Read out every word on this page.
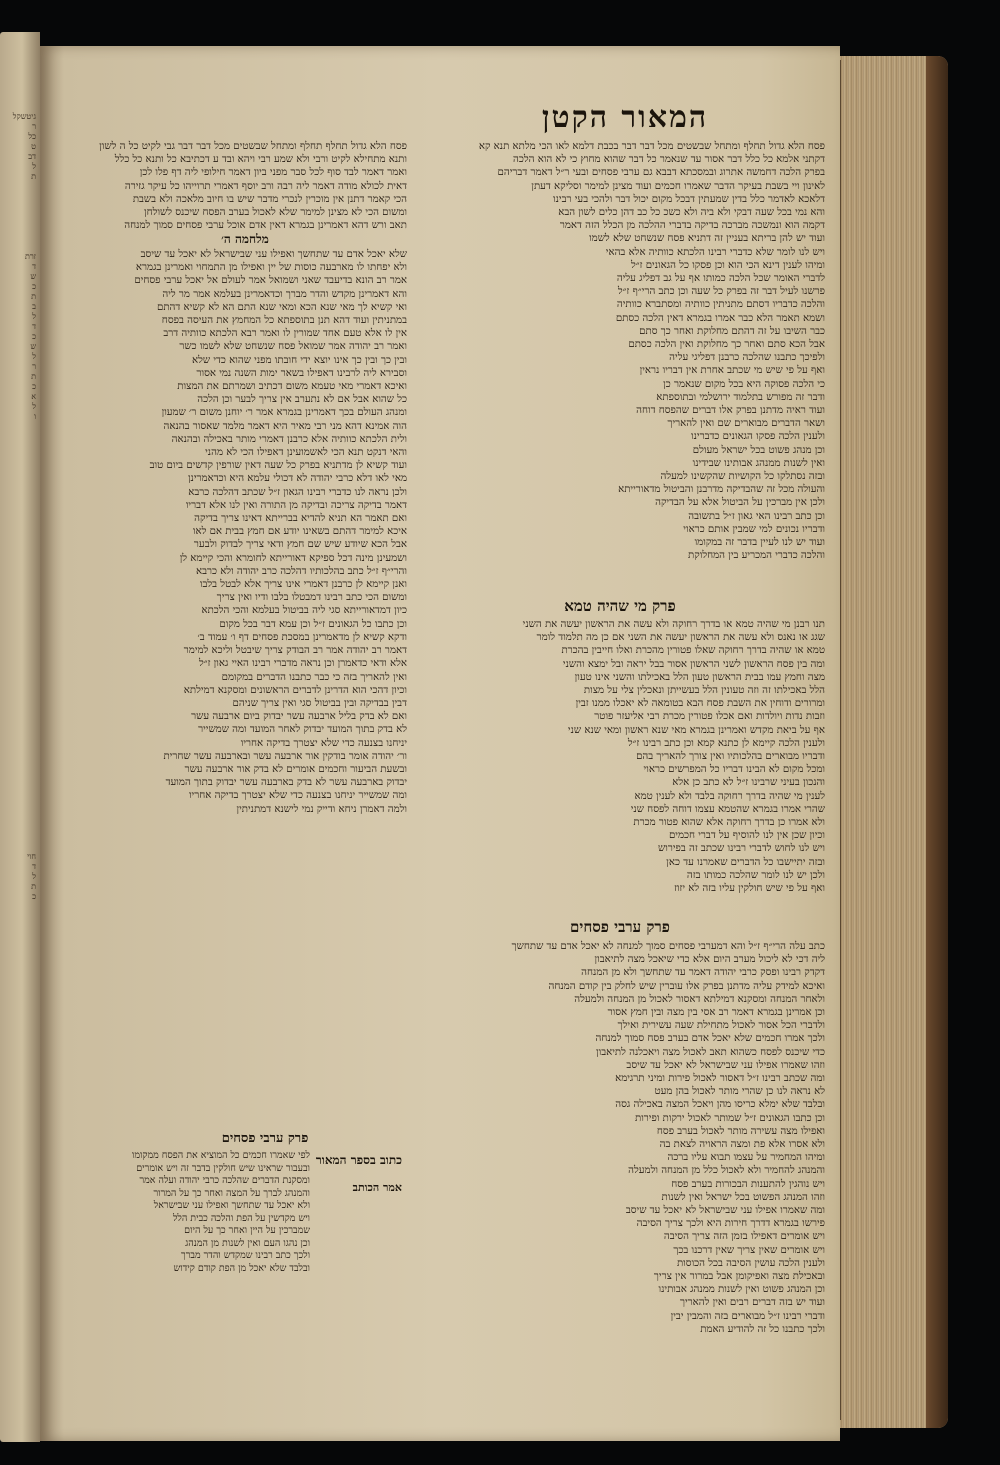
גיטשקל
ר
כל
ט
דב
ל
ת
זרת
ד
ש
כ
ת
ב
ל
ד
כ
ש
ל
ר
ת
כ
א
ל
ו
חוי
ד
ל
ת
כ
המאור הקטן
פסח הלא גדול תחלף ומתחל שבשטים מכל דבר דבר בכבת דלמא לאו הכי מלתא תנא קא
דקתני אלמא כל כלל דבר אסור עד שנאמר כל דבר שהוא מחוץ כי לא הוא הלכה
בפרק הלכה דחמשה אתרוג ובמסכתא דבבא גם ערבי פסחים ובעי ר״ל דאמר דבריהם
לאינון ויי בשבת בעיקר הדבר שאמרו חכמים ועוד מצינן למימר וסליקא דעתן
דלאכא לאדמר כלל בדין שמעתין דבכל מקום יכול דבר ולהכי בעי רבינו
והא נמי בכל שעה דבקי ולא ביה ולא כשכ כל כב דהן כלים לשון הבא
דקמה הוא ונמשכה מברכה בדיקה בדברי ההלכה מן הכלל הזה דאמר
ועוד יש להן בריתא בעניין זה דתניא פסח שנשחט שלא לשמו
ויש לנו לומר שלא כדברי רבינו הלכתא כוותיה אלא בהאי
ומיהו לענין דינא הכי הוא וכן פסקו כל הגאונים ז״ל
לדברי האומר שכל הלכה כמותו אף על גב דפליג עליה
פרשנו לעיל דבר זה בפרק כל שעה וכן כתב הרי״ף ז״ל
והלכה כדבריו דסתם מתניתין כוותיה ומסתברא כוותיה
ושמא תאמר הלא כבר אמרו בגמרא דאין הלכה כסתם
כבר השיבו על זה דהתם מחלוקת ואחר כך סתם
אבל הכא סתם ואחר כך מחלוקת ואין הלכה כסתם
ולפיכך כתבנו שהלכה כרבנן דפליגי עליה
ואף על פי שיש מי שכתב אחרת אין דבריו נראין
כי הלכה פסוקה היא בכל מקום שנאמר כן
ודבר זה מפורש בתלמוד ירושלמי ובתוספתא
ועוד ראיה מדתנן בפרק אלו דברים שהפסח דוחה
ושאר הדברים מבוארים שם ואין להאריך
ולענין הלכה פסקו הגאונים כדברינו
וכן מנהג פשוט בכל ישראל מעולם
ואין לשנות ממנהג אבותינו שבידינו
ובזה נסתלקו כל הקושיות שהקשינו למעלה
והעולה מכל זה שהבדיקה מדרבנן והביטול מדאורייתא
ולכן אין מברכין על הביטול אלא על הבדיקה
וכן כתב רבינו האי גאון ז״ל בתשובה
ודבריו נכונים למי שמבין אותם כראוי
ועוד יש לנו לעיין בדבר זה במקומו
והלכה כדברי המכריע בין המחלוקת
פרק מי שהיה טמא
תנו רבנן מי שהיה טמא או בדרך רחוקה ולא עשה את הראשון יעשה את השני
שגג או נאנס ולא עשה את הראשון יעשה את השני אם כן מה תלמוד לומר
טמא או שהיה בדרך רחוקה שאלו פטורין מהכרת ואלו חייבין בהכרת
ומה בין פסח הראשון לשני הראשון אסור בבל יראה ובל ימצא והשני
מצה וחמץ עמו בבית הראשון טעון הלל באכילתו והשני אינו טעון
הלל באכילתו זה וזה טעונין הלל בעשייתן ונאכלין צלי על מצות
ומרורים ודוחין את השבת פסח הבא בטומאה לא יאכלו ממנו זבין
וזבות נדות ויולדות ואם אכלו פטורין מכרת רבי אליעזר פוטר
אף על ביאת מקדש ואמרינן בגמרא מאי שנא ראשון ומאי שנא שני
ולענין הלכה קיימא לן כתנא קמא וכן כתב רבינו ז״ל
ודבריו מבוארים בהלכותיו ואין צורך להאריך בהם
ומכל מקום לא הבינו דבריו כל המפרשים כראוי
והנכון בעיני שרבינו ז״ל לא כתב כן אלא
לענין מי שהיה בדרך רחוקה בלבד ולא לענין טמא
שהרי אמרו בגמרא שהטמא עצמו דוחה לפסח שני
ולא אמרו כן בדרך רחוקה אלא שהוא פטור מכרת
וכיון שכן אין לנו להוסיף על דברי חכמים
ויש לנו לחוש לדברי רבינו שכתב זה בפירוש
ובזה יתיישבו כל הדברים שאמרנו עד כאן
ולכן יש לנו לומר שהלכה כמותו בזה
ואף על פי שיש חולקין עליו בזה לא יזוז
פרק ערבי פסחים
כתב עלה הרי״ף ז״ל והא דמערבי פסחים סמוך למנחה לא יאכל אדם עד שתחשך
ליה דכי לא ליכול מערב היום אלא כדי שיאכל מצה לתיאבון
דקדק רבינו ופסק כרבי יהודה דאמר עד שתחשך ולא מן המנחה
ואיכא למידק עליה מדתנן בפרק אלו עוברין שיש לחלק בין קודם המנחה
ולאחר המנחה ומסקנא דמילתא דאסור לאכול מן המנחה ולמעלה
וכן אמרינן בגמרא דאמר רב אסי בין מצה ובין חמץ אסור
ולדברי הכל אסור לאכול מתחילת שעה עשירית ואילך
ולכך אמרו חכמים שלא יאכל אדם בערב פסח סמוך למנחה
כדי שיכנס לפסח כשהוא תאב לאכול מצה ויאכלנה לתיאבון
וזהו שאמרו אפילו עני שבישראל לא יאכל עד שיסב
ומה שכתב רבינו ז״ל דאסור לאכול פירות ומיני תרגימא
לא נראה לנו כן שהרי מותר לאכול בהן מעט
ובלבד שלא ימלא כריסו מהן ויאכל המצה באכילה גסה
וכן כתבו הגאונים ז״ל שמותר לאכול ירקות ופירות
ואפילו מצה עשירה מותר לאכול בערב פסח
ולא אסרו אלא פת ומצה הראויה לצאת בה
ומיהו המחמיר על עצמו תבוא עליו ברכה
והמנהג להחמיר ולא לאכול כלל מן המנחה ולמעלה
ויש נוהגין להתענות הבכורות בערב פסח
וזהו המנהג הפשוט בכל ישראל ואין לשנות
ומה שאמרו אפילו עני שבישראל לא יאכל עד שיסב
פירשו בגמרא דדרך חירות היא ולכך צריך הסיבה
ויש אומרים דאפילו בזמן הזה צריך הסיבה
ויש אומרים שאין צריך שאין דרכנו בכך
ולענין הלכה עושין הסיבה בכל הכוסות
ובאכילת מצה ואפיקומן אבל במרור אין צריך
וכן המנהג פשוט ואין לשנות ממנהג אבותינו
ועוד יש בזה דברים רבים ואין להאריך
ודברי רבינו ז״ל מבוארים בזה והמבין יבין
ולכך כתבנו כל זה להודיע האמת
מלחמה ה׳
פסח הלא גדול תחלף תחלף ומתחל שבשטים מכל דבר דבר גבי לקיט כל ה לשון
ותנא מתחילא לקיט ורבי ולא שמע רבי ויהא ובד ע דכתיבא כל ותנא כל כלל
ואמר דאמר לבד סוף לכל סבר מפני ביון דאמר חילופי ליה דף פלו לכן
דאית לכולא מודה דאמר ליה רבה ורב יוסף דאמרי תרוייהו כל עיקר גזירה
הכי קאמר דתנן אין מוכרין לנכרי מדבר שיש בו חיוב מלאכה ולא בשבת
ומשום הכי לא מצינן למימר שלא לאכול בערב הפסח שיכנס לשולחן
תאב ורש דהא דאמרינן בגמרא דאין אדם אוכל ערבי פסחים סמוך למנחה
שלא יאכל אדם עד שתחשך ואפילו עני שבישראל לא יאכל עד שיסב
ולא יפחתו לו מארבעה כוסות של יין ואפילו מן התמחוי ואמרינן בגמרא
אמר רב הונא בדיעבד שאני ושמואל אמר לעולם אל יאכל ערבי פסחים
והא דאמרינן מקדש והדר מברך וכדאמרינן בעלמא אמר מר ליה
ואי קשיא לך מאי שנא הכא ומאי שנא התם הא לא קשיא דהתם
במתניתין ועוד דהא תנן בתוספתא כל המחמץ את העיסה בפסח
אין לו אלא טעם אחד שמורין לו ואמר רבא הלכתא כוותיה דרב
ואמר רב יהודה אמר שמואל פסח שנשחט שלא לשמו כשר
ובין כך ובין כך אינו יוצא ידי חובתו מפני שהוא כדי שלא
וסבירא ליה לרבינו דאפילו בשאר ימות השנה נמי אסור
ואיכא דאמרי מאי טעמא משום דכתיב ושמרתם את המצות
כל שהוא אבל אם לא נתערב אין צריך לבער וכן הלכה
ומנהג העולם בכך דאמרינן בגמרא אמר ר׳ יוחנן משום ר׳ שמעון
הוה אמינא דהא מני רבי מאיר היא דאמר מלמד שאסור בהנאה
ולית הלכתא כוותיה אלא כרבנן דאמרי מותר באכילה ובהנאה
והאי דנקט תנא הכי לאשמועינן דאפילו הכי לא מהני
ועוד קשיא לן מדתניא בפרק כל שעה דאין שורפין קדשים ביום טוב
מאי לאו דלא כרבי יהודה לא דכולי עלמא היא וכדאמרינן
ולכן נראה לנו כדברי רבינו הגאון ז״ל שכתב דהלכה כרבא
דאמר בדיקה צריכה ובדיקה מן התורה ואין לנו אלא דבריו
ואם תאמר הא תניא להדיא בברייתא דאינו צריך בדיקה
איכא למימר דהתם בשאינו יודע אם חמץ בבית אם לאו
אבל הכא שיודע שיש שם חמץ ודאי צריך לבדוק ולבער
ושמעינן מינה דכל ספיקא דאורייתא לחומרא והכי קיימא לן
והרי״ף ז״ל כתב בהלכותיו דהלכה כרב יהודה ולא כרבא
ואנן קיימא לן כרבנן דאמרי אינו צריך אלא לבטל בלבו
ומשום הכי כתב רבינו דמבטלו בלבו ודיו ואין צריך
כיון דמדאורייתא סגי ליה בביטול בעלמא והכי הלכתא
וכן כתבו כל הגאונים ז״ל וכן עמא דבר בכל מקום
ודקא קשיא לן מדאמרינן במסכת פסחים דף ו׳ עמוד ב׳
דאמר רב יהודה אמר רב הבודק צריך שיבטל וליכא למימר
אלא ודאי כדאמרן וכן נראה מדברי רבינו האיי גאון ז״ל
ואין להאריך בזה כי כבר כתבנו הדברים במקומם
וכיון דהכי הוא הדרינן לדברים הראשונים ומסקנא דמילתא
דבין בבדיקה ובין בביטול סגי ואין צריך שניהם
ואם לא בדק בליל ארבעה עשר יבדוק ביום ארבעה עשר
לא בדק בתוך המועד יבדוק לאחר המועד ומה שמשייר
יניחנו בצנעה כדי שלא יצטרך בדיקה אחריו
ור׳ יהודה אומר בודקין אור ארבעה עשר ובארבעה עשר שחרית
ובשעת הביעור וחכמים אומרים לא בדק אור ארבעה עשר
יבדוק בארבעה עשר לא בדק בארבעה עשר יבדוק בתוך המועד
ומה שמשייר יניחנו בצנעה כדי שלא יצטרך בדיקה אחריו
ולמה דאמרן ניחא ודייק נמי לישנא דמתניתין
פרק ערבי פסחים
כתוב בספר המאור
אמר הכותב
לפי שאמרו חכמים כל המוציא את הפסח ממקומו
ובעבור שראינו שיש חולקין בדבר זה ויש אומרים
ומסקנת הדברים שהלכה כרבי יהודה ועלה אמר
והמנהג לברך על המצה ואחר כך על המרור
ולא יאכל עד שתחשך ואפילו עני שבישראל
ויש מקדשין על הפת והלכה כבית הלל
שמברכין על היין ואחר כך על היום
וכן נהגו העם ואין לשנות מן המנהג
ולכך כתב רבינו שמקדש והדר מברך
ובלבד שלא יאכל מן הפת קודם קידוש
